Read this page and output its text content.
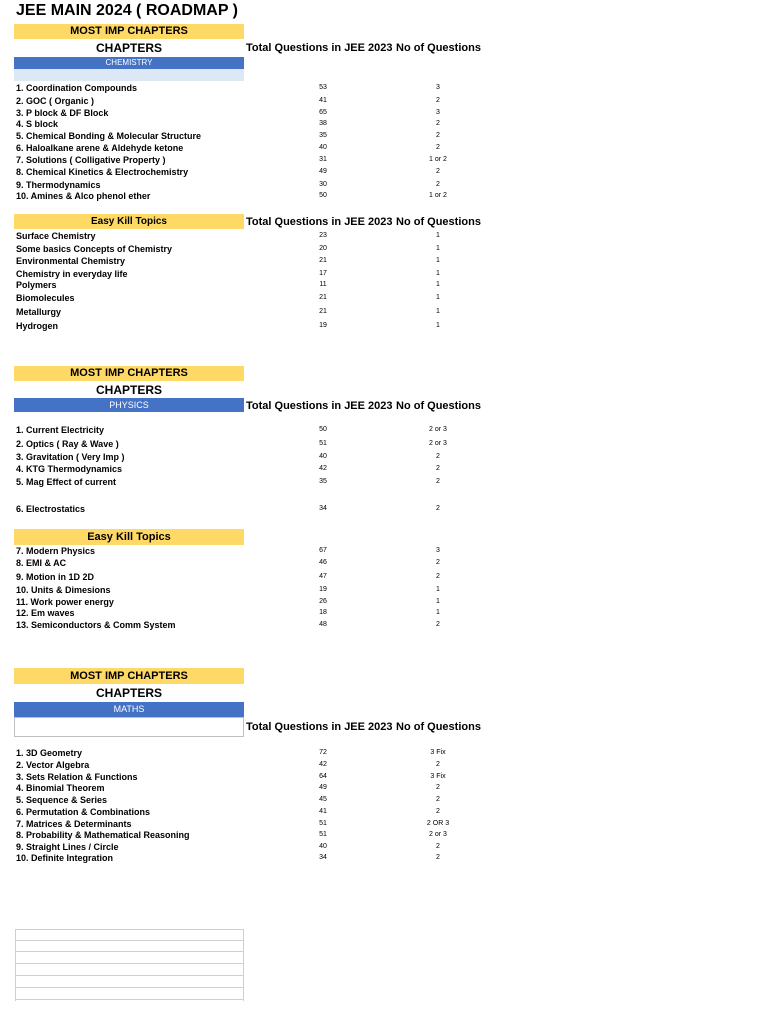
JEE MAIN 2024 ( ROADMAP )
MOST IMP CHAPTERS
CHAPTERS	Total Questions in JEE 2023 No of Questions
CHEMISTRY
1. Coordination Compounds	53	3
2. GOC ( Organic )	41	2
3. P block & DF Block	65	3
4. S block	38	2
5. Chemical Bonding & Molecular Structure	35	2
6. Haloalkane arene & Aldehyde ketone	40	2
7. Solutions ( Colligative Property )	31	1 or 2
8. Chemical Kinetics & Electrochemistry	49	2
9. Thermodynamics	30	2
10. Amines & Alco phenol ether	50	1 or 2
Easy Kill Topics	Total Questions in JEE 2023 No of Questions
Surface Chemistry	23	1
Some basics Concepts of Chemistry	20	1
Environmental Chemistry	21	1
Chemistry in everyday life	17	1
Polymers	11	1
Biomolecules	21	1
Metallurgy	21	1
Hydrogen	19	1
MOST IMP CHAPTERS
CHAPTERS
PHYSICS	Total Questions in JEE 2023 No of Questions
1. Current Electricity	50	2 or 3
2. Optics ( Ray & Wave )	51	2 or 3
3. Gravitation ( Very Imp )	40	2
4. KTG Thermodynamics	42	2
5. Mag Effect of current	35	2
6. Electrostatics	34	2
Easy Kill Topics
7. Modern Physics	67	3
8. EMI & AC	46	2
9. Motion in 1D 2D	47	2
10. Units & Dimesions	19	1
11. Work power energy	26	1
12. Em waves	18	1
13. Semiconductors & Comm System	48	2
MOST IMP CHAPTERS
CHAPTERS
MATHS
Total Questions in JEE 2023 No of Questions
1. 3D Geometry	72	3 Fix
2. Vector Algebra	42	2
3. Sets Relation & Functions	64	3 Fix
4. Binomial Theorem	49	2
5. Sequence & Series	45	2
6. Permutation & Combinations	41	2
7. Matrices & Determinants	51	2 OR 3
8. Probability & Mathematical Reasoning	51	2 or 3
9. Straight Lines / Circle	40	2
10. Definite Integration	34	2
